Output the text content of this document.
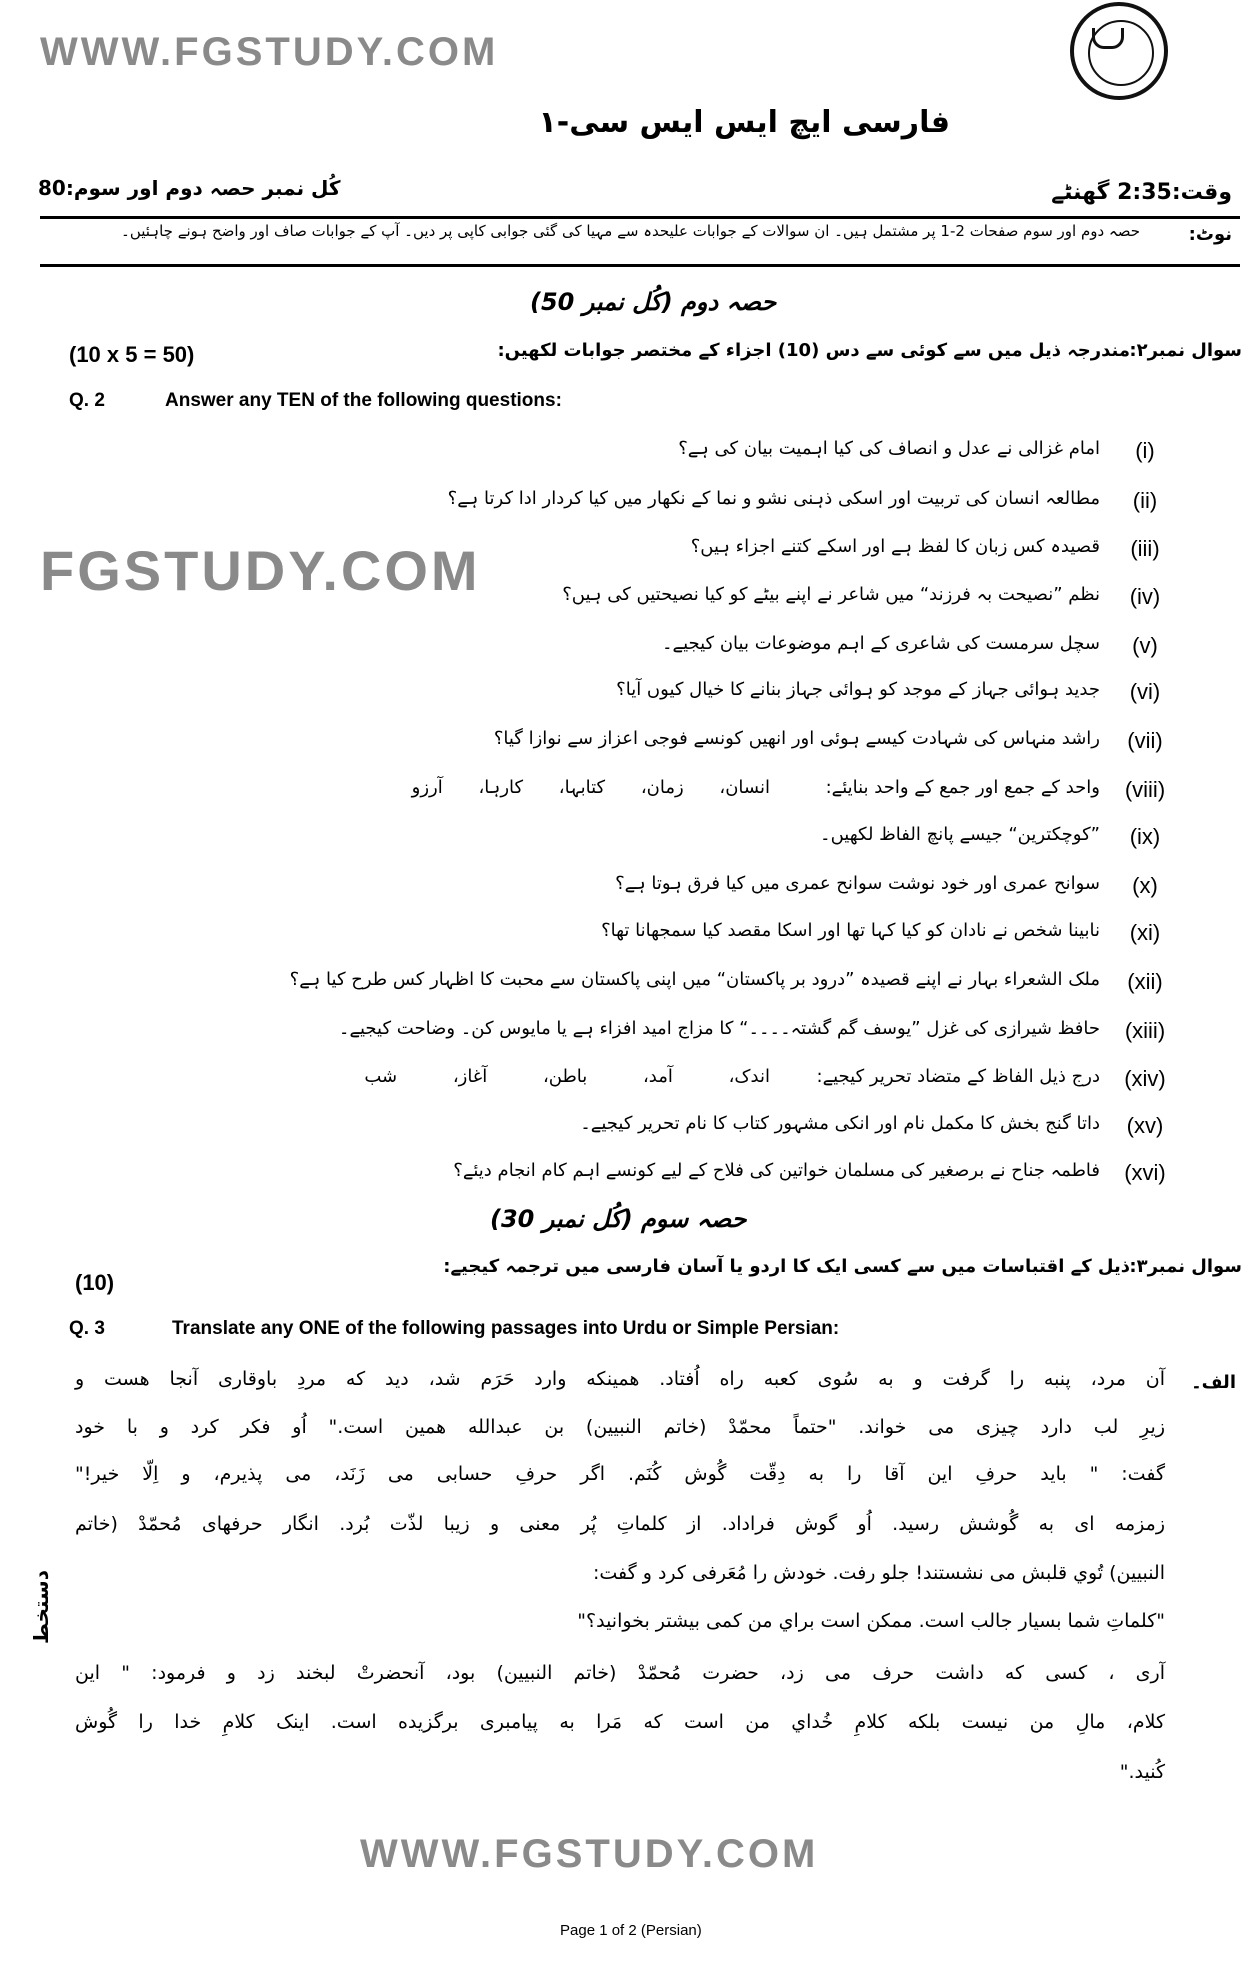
WWW.FGSTUDY.COM
FGSTUDY.COM
WWW.FGSTUDY.COM
فارسی ایچ ایس ایس سی-۱
وقت:2:35 گھنٹے
کُل نمبر حصہ دوم اور سوم:80
نوٹ:
حصہ دوم اور سوم صفحات 2-1 پر مشتمل ہیں۔ ان سوالات کے جوابات علیحدہ سے مہیا کی گئی جوابی کاپی پر دیں۔ آپ کے جوابات صاف اور واضح ہونے چاہئیں۔
حصہ دوم (کُل نمبر 50)
سوال نمبر۲:
مندرجہ ذیل میں سے کوئی سے دس (10) اجزاء کے مختصر جوابات لکھیں:
(10 x 5 = 50)
Q. 2	Answer any TEN of the following questions:
(i)
امام غزالی نے عدل و انصاف کی کیا اہمیت بیان کی ہے؟
(ii)
مطالعہ انسان کی تربیت اور اسکی ذہنی نشو و نما کے نکھار میں کیا کردار ادا کرتا ہے؟
(iii)
قصیدہ کس زبان کا لفظ ہے اور اسکے کتنے اجزاء ہیں؟
(iv)
نظم ”نصیحت بہ فرزند“ میں شاعر نے اپنے بیٹے کو کیا نصیحتیں کی ہیں؟
(v)
سچل سرمست کی شاعری کے اہم موضوعات بیان کیجیے۔
(vi)
جدید ہوائی جہاز کے موجد کو ہوائی جہاز بنانے کا خیال کیوں آیا؟
(vii)
راشد منہاس کی شہادت کیسے ہوئی اور انھیں کونسے فوجی اعزاز سے نوازا گیا؟
(viii)
واحد کے جمع اور جمع کے واحد بنایئے:
انسان، زمان، کتابہا، کارہا، آرزو
(ix)
”کوچکترین“ جیسے پانچ الفاظ لکھیں۔
(x)
سوانح عمری اور خود نوشت سوانح عمری میں کیا فرق ہوتا ہے؟
(xi)
نابینا شخص نے نادان کو کیا کہا تھا اور اسکا مقصد کیا سمجھانا تھا؟
(xii)
ملک الشعراء بہار نے اپنے قصیدہ ”درود بر پاکستان“ میں اپنی پاکستان سے محبت کا اظہار کس طرح کیا ہے؟
(xiii)
حافظ شیرازی کی غزل ”یوسف گم گشتہ۔۔۔۔“ کا مزاج امید افزاء ہے یا مایوس کن۔ وضاحت کیجیے۔
(xiv)
درج ذیل الفاظ کے متضاد تحریر کیجیے:
اندک، آمد، باطن، آغاز، شب
(xv)
داتا گنج بخش کا مکمل نام اور انکی مشہور کتاب کا نام تحریر کیجیے۔
(xvi)
فاطمہ جناح نے برصغیر کی مسلمان خواتین کی فلاح کے لیے کونسے اہم کام انجام دیئے؟
حصہ سوم (کُل نمبر 30)
سوال نمبر۳:
ذیل کے اقتباسات میں سے کسی ایک کا اردو یا آسان فارسی میں ترجمہ کیجیے:
(10)
Q. 3	Translate any ONE of the following passages into Urdu or Simple Persian:
الف۔
آن مرد، پنبه را گرفت و به سُوی کعبه راه اُفتاد. همینکه وارد حَرَم شد، دید که مردِ باوقاری آنجا هست و
زیرِ لب دارد چیزی می خواند. "حتماً محمّدْ (خاتم النبیین) بن عبدالله همین است." اُو فکر کرد و با خود
گفت: " باید حرفِ این آقا را به دِقّت گُوش کُنَم. اگر حرفِ حسابی می زَنَد، می پذیرم، و اِلّا خیر!"
زمزمه ای به گُوشش رسید. اُو گوش فراداد. از کلماتِ پُر معنی و زیبا لذّت بُرد. انگار حرفهای مُحمّدْ (خاتم
النبیین) تُوي قلبش می نشستند! جلو رفت. خودش را مُعَرفی کرد و گفت:
"کلماتِ شما بسیار جالب است. ممکن است براي من کمی بیشتر بخوانید؟"
آری ، کسی که داشت حرف می زد، حضرت مُحمّدْ (خاتم النبیین) بود، آنحضرتْ لبخند زد و فرمود: " این
کلام، مالِ من نیست بلکه کلامِ خُداي من است که مَرا به پیامبری برگزیده است. اینک کلامِ خدا را گُوش
کُنید."
دستخط
Page 1 of 2 (Persian)
